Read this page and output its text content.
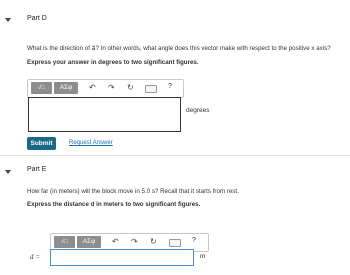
Part D
What is the direction of a⃗? In other words, what angle does this vector make with respect to the positive x axis?
Express your answer in degrees to two significant figures.
√□	ΑΣφ	↶ ↷ ↻	?
degrees
Submit	Request Answer
Part E
How far (in meters) will the block move in 5.0 s? Recall that it starts from rest.
Express the distance d in meters to two significant figures.
√□	ΑΣφ	↶ ↷ ↻	?
d =	m
